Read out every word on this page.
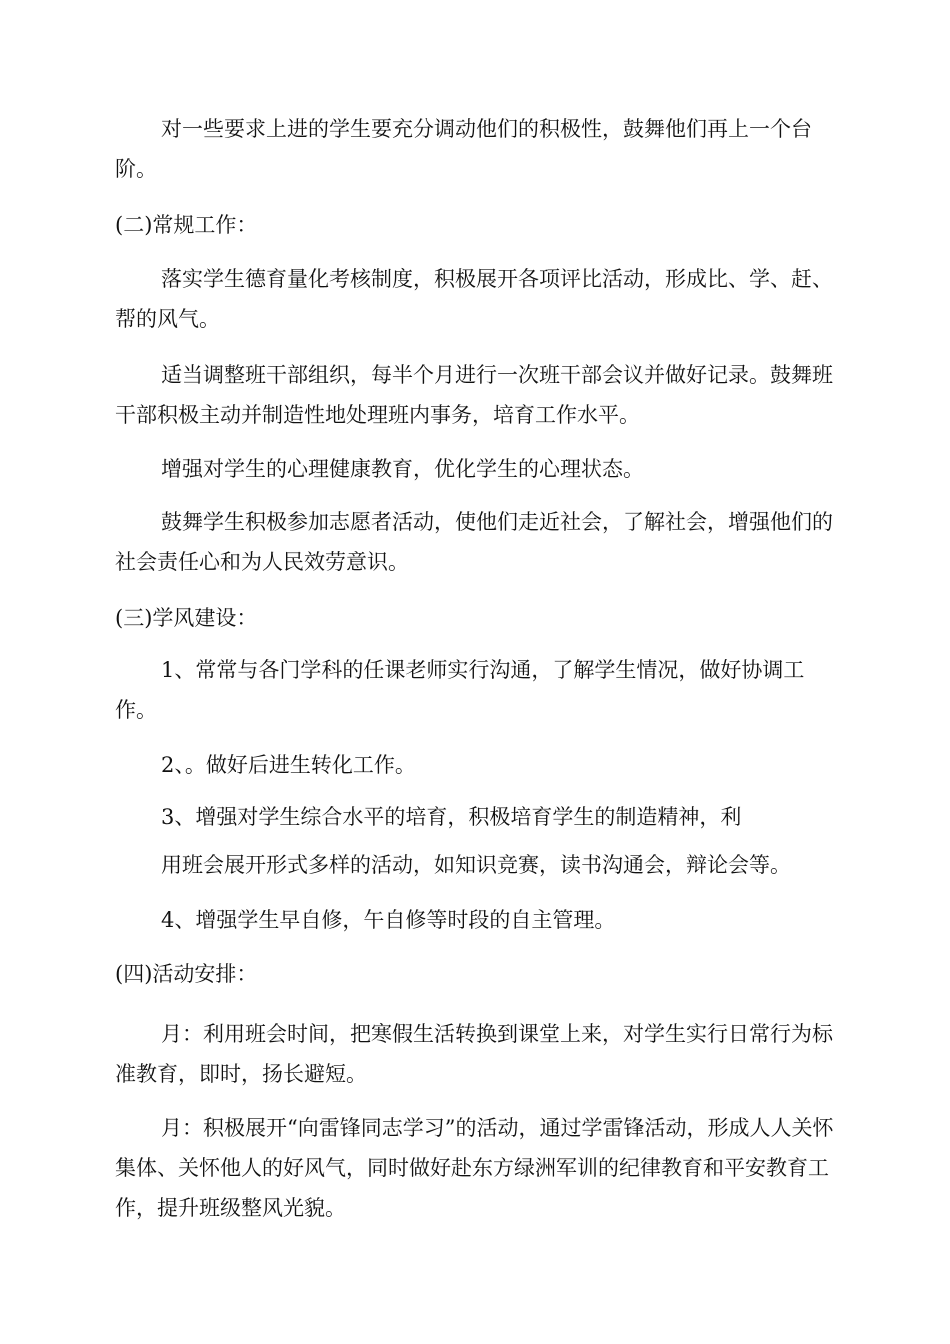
对一些要求上进的学生要充分调动他们的积极性，鼓舞他们再上一个台阶。

(二)常规工作：

落实学生德育量化考核制度，积极展开各项评比活动，形成比、学、赶、帮的风气。

适当调整班干部组织，每半个月进行一次班干部会议并做好记录。鼓舞班干部积极主动并制造性地处理班内事务，培育工作水平。

增强对学生的心理健康教育，优化学生的心理状态。

鼓舞学生积极参加志愿者活动，使他们走近社会，了解社会，增强他们的社会责任心和为人民效劳意识。

(三)学风建设：

1、常常与各门学科的任课老师实行沟通，了解学生情况，做好协调工作。

2、。做好后进生转化工作。

3、增强对学生综合水平的培育，积极培育学生的制造精神，利

用班会展开形式多样的活动，如知识竞赛，读书沟通会，辩论会等。

4、增强学生早自修，午自修等时段的自主管理。

(四)活动安排：

月：利用班会时间，把寒假生活转换到课堂上来，对学生实行日常行为标准教育，即时，扬长避短。

月：积极展开“向雷锋同志学习”的活动，通过学雷锋活动，形成人人关怀集体、关怀他人的好风气，同时做好赴东方绿洲军训的纪律教育和平安教育工作，提升班级整风光貌。
